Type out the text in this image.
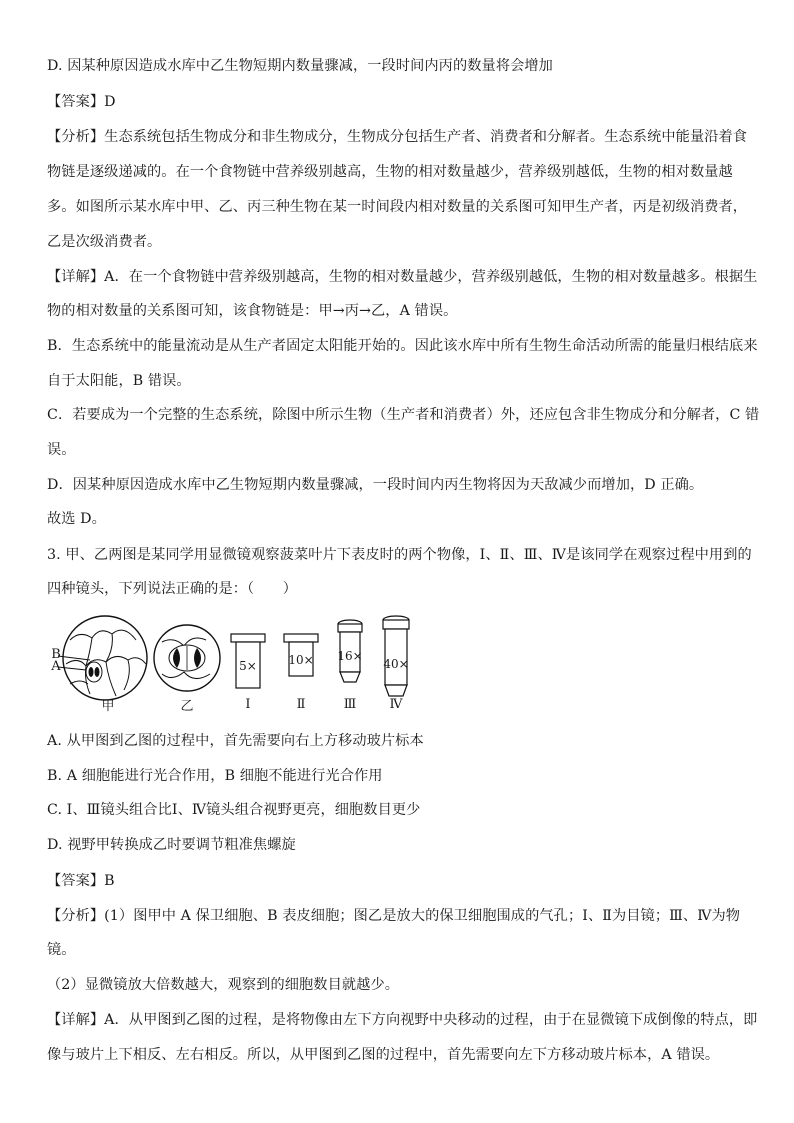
D. 因某种原因造成水库中乙生物短期内数量骤减，一段时间内丙的数量将会增加
【答案】D
【分析】生态系统包括生物成分和非生物成分，生物成分包括生产者、消费者和分解者。生态系统中能量沿着食
物链是逐级递减的。在一个食物链中营养级别越高，生物的相对数量越少，营养级别越低，生物的相对数量越
多。如图所示某水库中甲、乙、丙三种生物在某一时间段内相对数量的关系图可知甲生产者，丙是初级消费者，
乙是次级消费者。
【详解】A．在一个食物链中营养级别越高，生物的相对数量越少，营养级别越低，生物的相对数量越多。根据生
物的相对数量的关系图可知，该食物链是：甲→丙→乙，A 错误。
B．生态系统中的能量流动是从生产者固定太阳能开始的。因此该水库中所有生物生命活动所需的能量归根结底来
自于太阳能，B 错误。
C．若要成为一个完整的生态系统，除图中所示生物（生产者和消费者）外，还应包含非生物成分和分解者，C 错
误。
D．因某种原因造成水库中乙生物短期内数量骤减，一段时间内丙生物将因为天敌减少而增加，D 正确。
故选 D。
3. 甲、乙两图是某同学用显微镜观察菠菜叶片下表皮时的两个物像，Ⅰ、Ⅱ、Ⅲ、Ⅳ是该同学在观察过程中用到的
四种镜头，下列说法正确的是：（　　）
B
A	5×	10× 16×
40×
甲	乙	Ⅰ	Ⅱ	Ⅲ	Ⅳ
A. 从甲图到乙图的过程中，首先需要向右上方移动玻片标本
B. A 细胞能进行光合作用，B 细胞不能进行光合作用
C. Ⅰ、Ⅲ镜头组合比Ⅰ、Ⅳ镜头组合视野更亮，细胞数目更少
D. 视野甲转换成乙时要调节粗准焦螺旋
【答案】B
【分析】(1）图甲中 A 保卫细胞、B 表皮细胞；图乙是放大的保卫细胞围成的气孔；Ⅰ、Ⅱ为目镜；Ⅲ、Ⅳ为物
镜。
（2）显微镜放大倍数越大，观察到的细胞数目就越少。
【详解】A．从甲图到乙图的过程，是将物像由左下方向视野中央移动的过程，由于在显微镜下成倒像的特点，即
像与玻片上下相反、左右相反。所以，从甲图到乙图的过程中，首先需要向左下方移动玻片标本，A 错误。
